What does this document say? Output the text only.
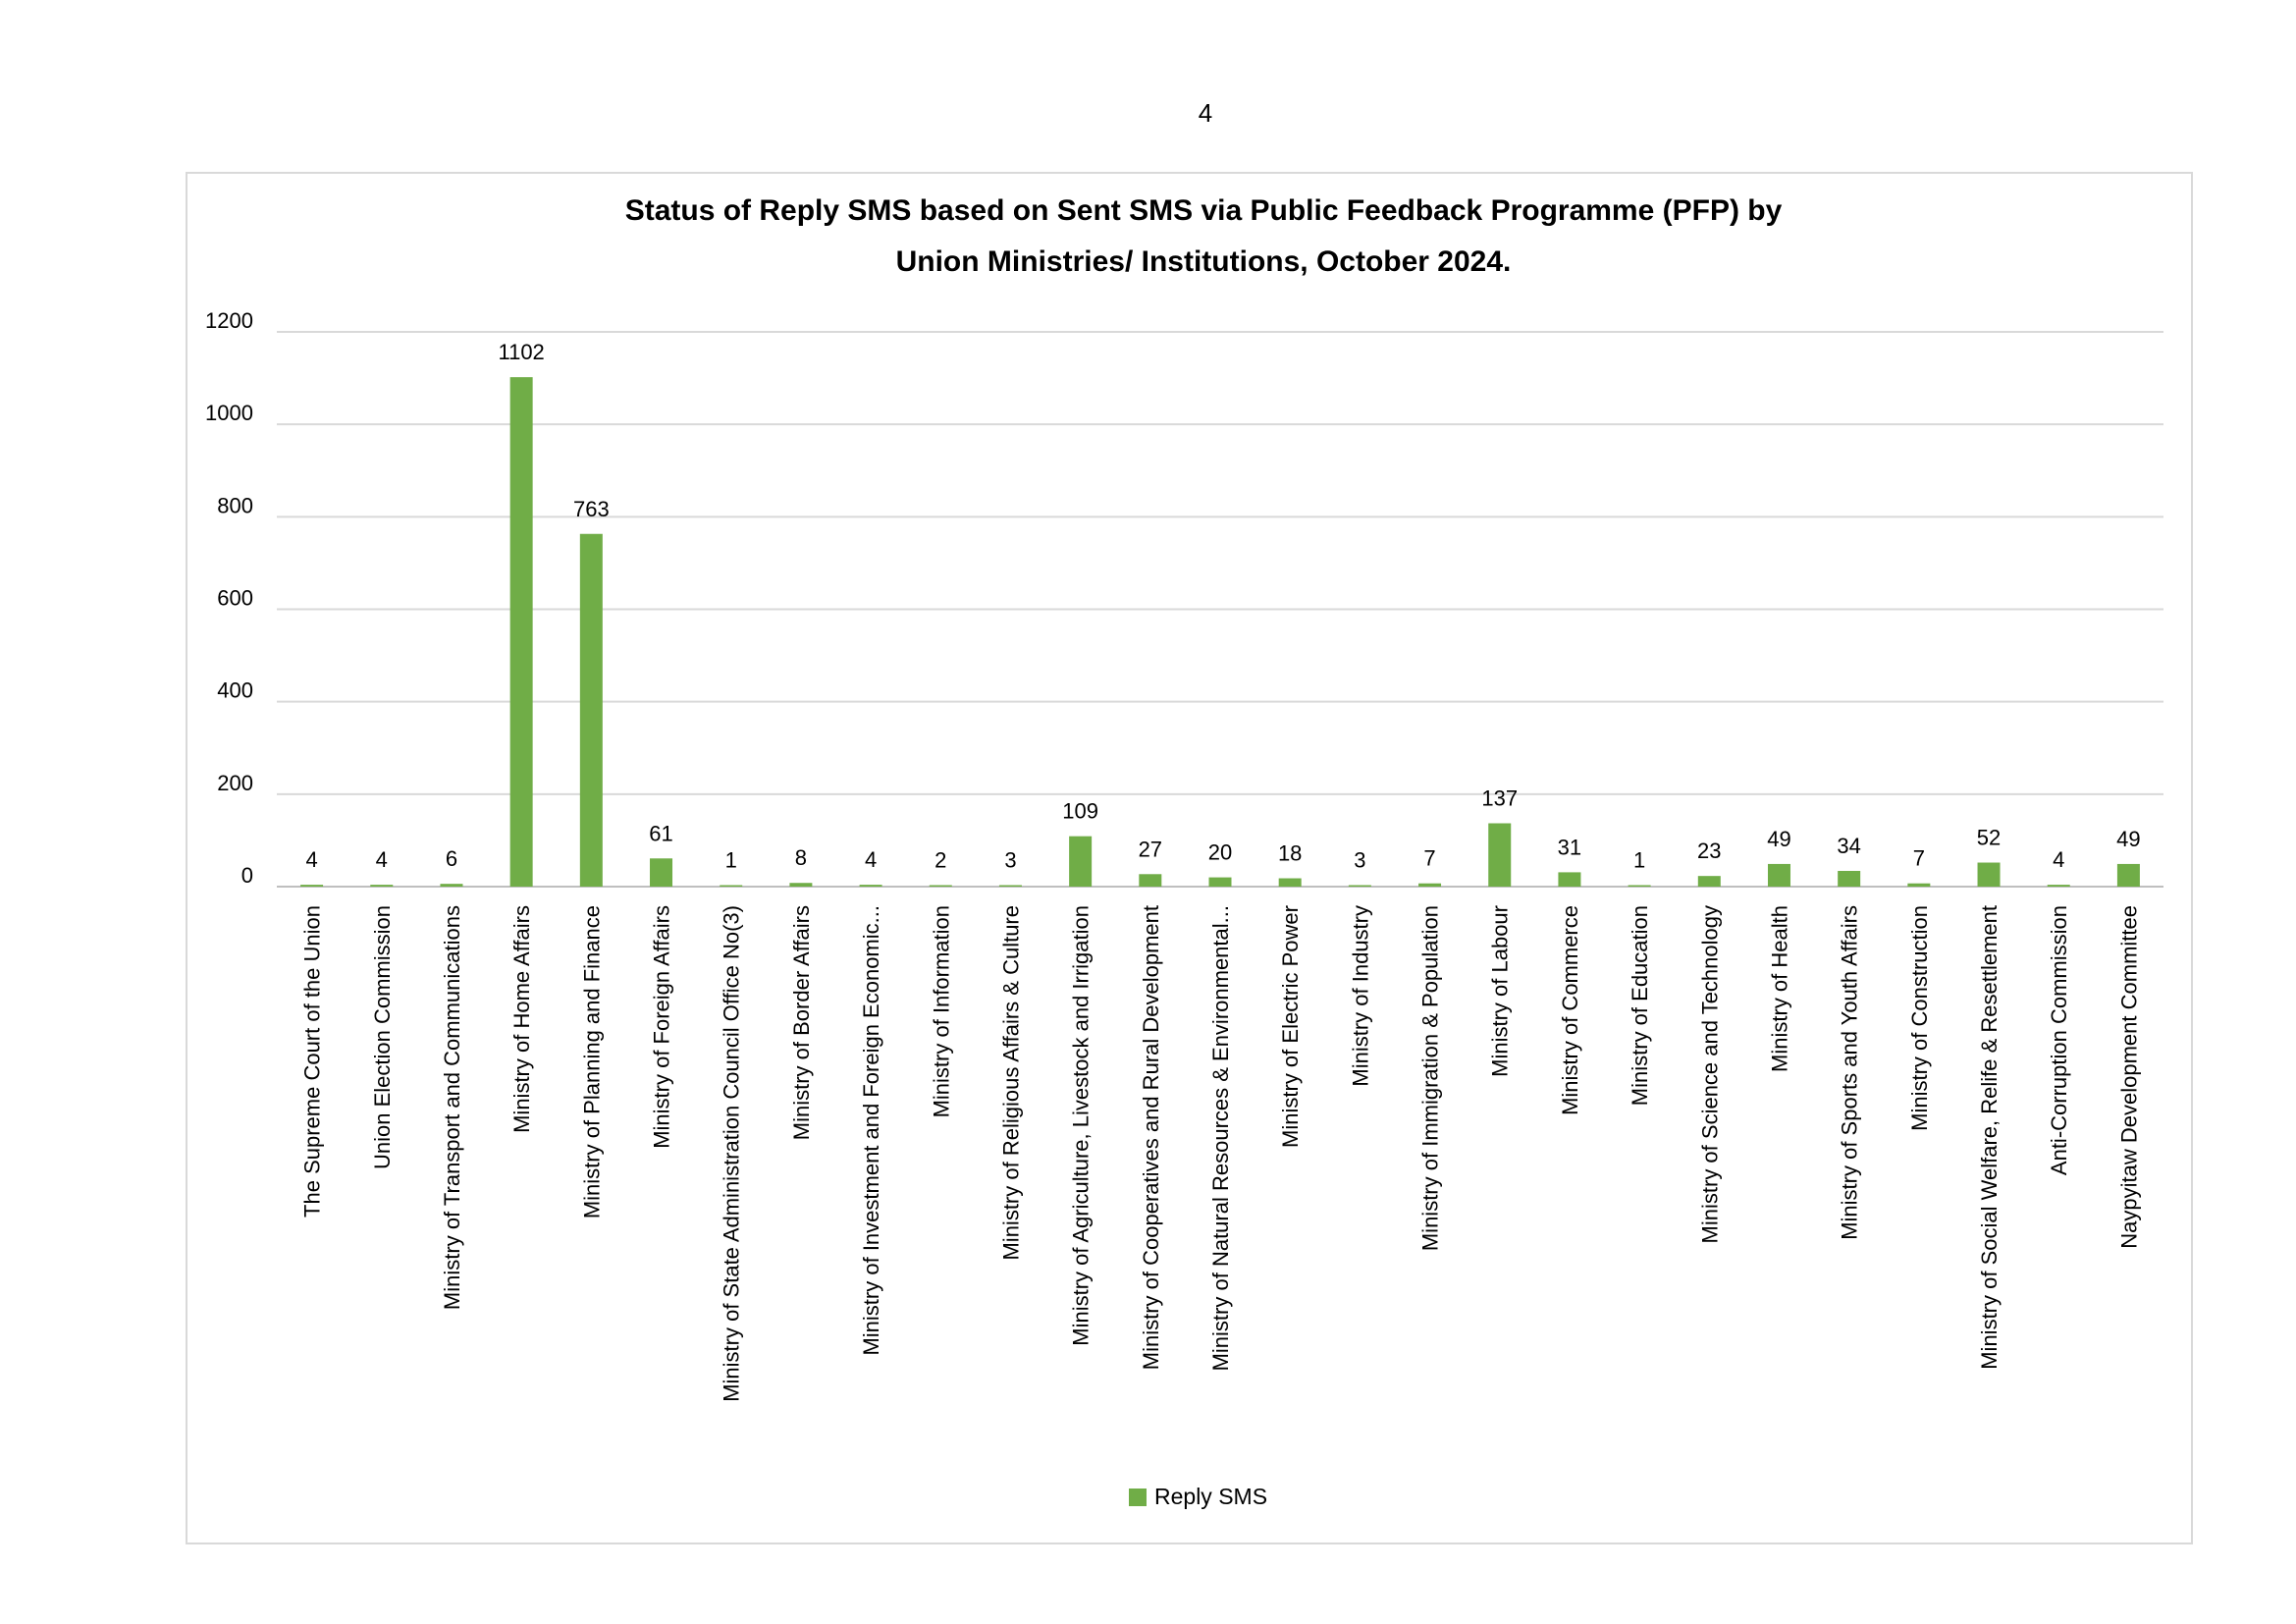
4
Status of Reply SMS based on Sent SMS via Public Feedback Programme (PFP) by
Union Ministries/ Institutions, October 2024.
0
200
400
600
800
1000
1200
4	4	6
1102
763
61
1	8	4	2	3
109
27 20 18 3	7
137
31
1 23 49 34
7
52
4
49
The Supreme Court of the Union Union Election Commission Ministry of Transport and Communications Ministry of Home Affairs Ministry of Planning and Finance Ministry of Foreign Affairs Ministry of State Administration Council Office No(3) Ministry of Border Affairs Ministry of Investment and Foreign Economic... Ministry of Information Ministry of Religious Affairs & Culture Ministry of Agriculture, Livestock and Irrigation Ministry of Cooperatives and Rural Development Ministry of Natural Resources & Environmental... Ministry of Electric Power Ministry of Industry Ministry of Immigration & Population Ministry of Labour Ministry of Commerce Ministry of Education Ministry of Science and Technology Ministry of Health Ministry of Sports and Youth Affairs Ministry of Construction Ministry of Social Welfare, Relife & Resettlement Anti-Corruption Commission Naypyitaw Development Committee
Reply SMS
